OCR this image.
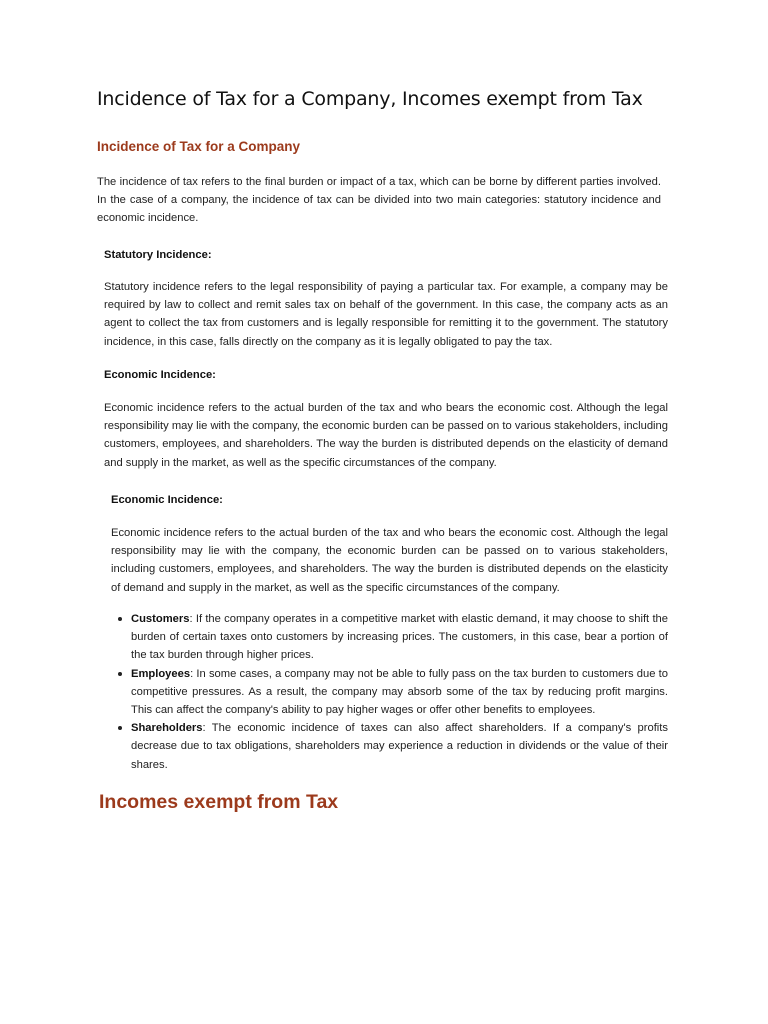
Incidence of Tax for a Company, Incomes exempt from Tax
Incidence of Tax for a Company

The incidence of tax refers to the final burden or impact of a tax, which can be borne by different parties involved. In the case of a company, the incidence of tax can be divided into two main categories: statutory incidence and economic incidence.

Statutory Incidence:

Statutory incidence refers to the legal responsibility of paying a particular tax. For example, a company may be required by law to collect and remit sales tax on behalf of the government. In this case, the company acts as an agent to collect the tax from customers and is legally responsible for remitting it to the government. The statutory incidence, in this case, falls directly on the company as it is legally obligated to pay the tax.

Economic Incidence:

Economic incidence refers to the actual burden of the tax and who bears the economic cost. Although the legal responsibility may lie with the company, the economic burden can be passed on to various stakeholders, including customers, employees, and shareholders. The way the burden is distributed depends on the elasticity of demand and supply in the market, as well as the specific circumstances of the company.

Economic Incidence:

Economic incidence refers to the actual burden of the tax and who bears the economic cost. Although the legal responsibility may lie with the company, the economic burden can be passed on to various stakeholders, including customers, employees, and shareholders. The way the burden is distributed depends on the elasticity of demand and supply in the market, as well as the specific circumstances of the company.

Customers: If the company operates in a competitive market with elastic demand, it may choose to shift the burden of certain taxes onto customers by increasing prices. The customers, in this case, bear a portion of the tax burden through higher prices.
Employees: In some cases, a company may not be able to fully pass on the tax burden to customers due to competitive pressures. As a result, the company may absorb some of the tax by reducing profit margins. This can affect the company's ability to pay higher wages or offer other benefits to employees.
Shareholders: The economic incidence of taxes can also affect shareholders. If a company's profits decrease due to tax obligations, shareholders may experience a reduction in dividends or the value of their shares.
Incomes exempt from Tax
